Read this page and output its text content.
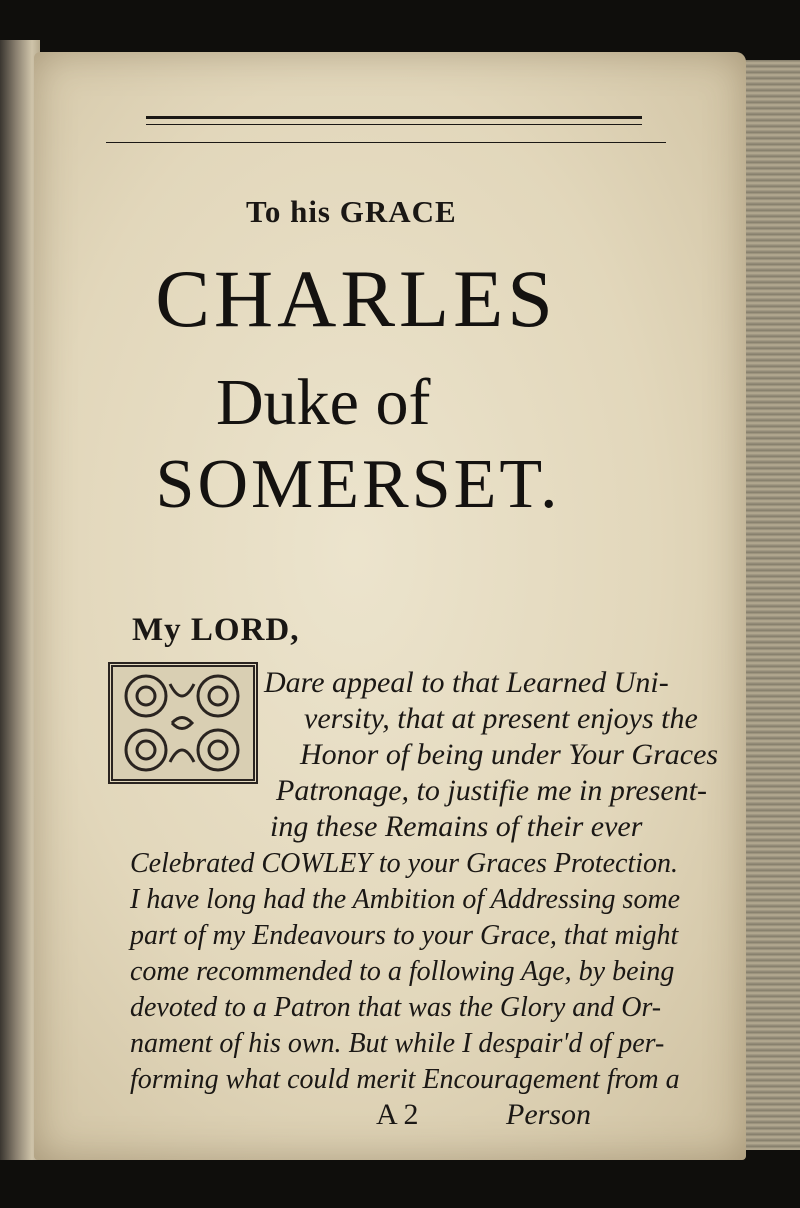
To his GRACE
CHARLES
Duke of
SOMERSET.
My LORD,
Dare appeal to that Learned Uni-
versity, that at present enjoys the
Honor of being under Your Graces
Patronage, to justifie me in present-
ing these Remains of their ever
Celebrated COWLEY to your Graces Protection.
I have long had the Ambition of Addressing some
part of my Endeavours to your Grace, that might
come recommended to a following Age, by being
devoted to a Patron that was the Glory and Or-
nament of his own. But while I despair'd of per-
forming what could merit Encouragement from a
A 2	Person
